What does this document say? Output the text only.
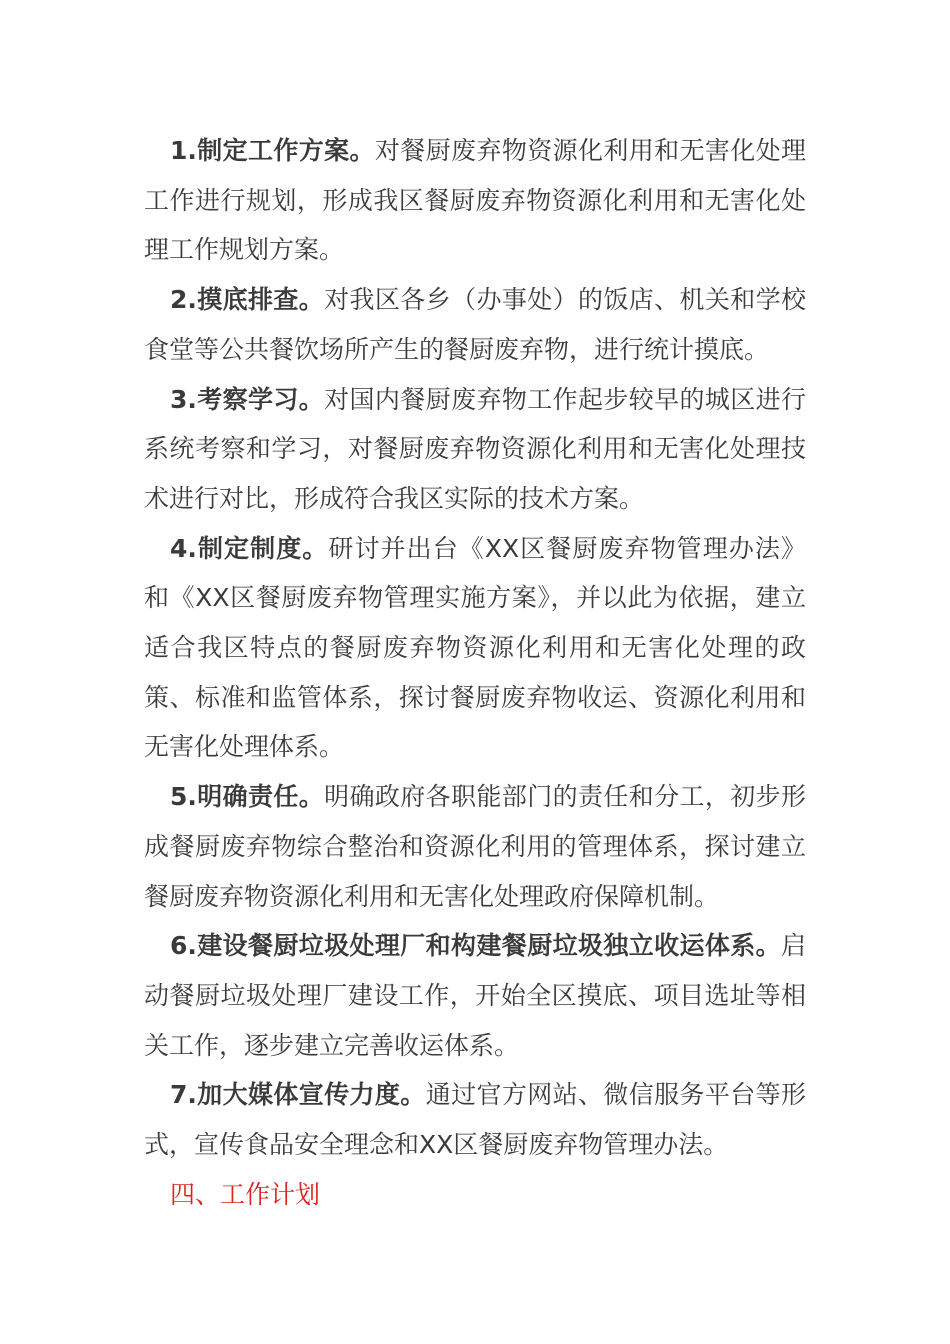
1.制定工作方案。对餐厨废弃物资源化利用和无害化处理工作进行规划，形成我区餐厨废弃物资源化利用和无害化处理工作规划方案。

2.摸底排查。对我区各乡（办事处）的饭店、机关和学校食堂等公共餐饮场所产生的餐厨废弃物，进行统计摸底。

3.考察学习。对国内餐厨废弃物工作起步较早的城区进行系统考察和学习，对餐厨废弃物资源化利用和无害化处理技术进行对比，形成符合我区实际的技术方案。

4.制定制度。研讨并出台《XX区餐厨废弃物管理办法》和《XX区餐厨废弃物管理实施方案》，并以此为依据，建立适合我区特点的餐厨废弃物资源化利用和无害化处理的政策、标准和监管体系，探讨餐厨废弃物收运、资源化利用和无害化处理体系。

5.明确责任。明确政府各职能部门的责任和分工，初步形成餐厨废弃物综合整治和资源化利用的管理体系，探讨建立餐厨废弃物资源化利用和无害化处理政府保障机制。

6.建设餐厨垃圾处理厂和构建餐厨垃圾独立收运体系。启动餐厨垃圾处理厂建设工作，开始全区摸底、项目选址等相关工作，逐步建立完善收运体系。

7.加大媒体宣传力度。通过官方网站、微信服务平台等形式，宣传食品安全理念和XX区餐厨废弃物管理办法。

四、工作计划
